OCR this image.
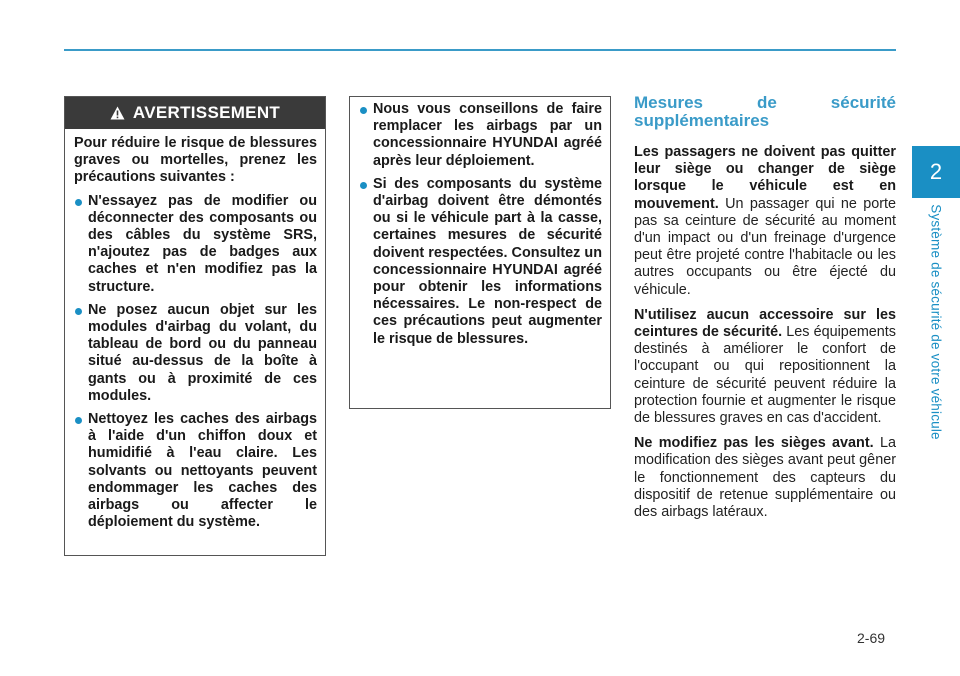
2
Système de sécurité de votre véhicule
AVERTISSEMENT

Pour réduire le risque de blessures graves ou mortelles, prenez les précautions suivantes :

N'essayez pas de modifier ou déconnecter des composants ou des câbles du système SRS, n'ajoutez pas de badges aux caches et n'en modifiez pas la structure.
Ne posez aucun objet sur les modules d'airbag du volant, du tableau de bord ou du panneau situé au-dessus de la boîte à gants ou à proximité de ces modules.
Nettoyez les caches des airbags à l'aide d'un chiffon doux et humidifié à l'eau claire. Les solvants ou nettoyants peuvent endommager les caches des airbags ou affecter le déploiement du système.
Nous vous conseillons de faire remplacer les airbags par un concessionnaire HYUNDAI agréé après leur déploiement.
Si des composants du système d'airbag doivent être démontés ou si le véhicule part à la casse, certaines mesures de sécurité doivent respectées. Consultez un concessionnaire HYUNDAI agréé pour obtenir les informations nécessaires. Le non-respect de ces précautions peut augmenter le risque de blessures.
Mesures de sécurité supplémentaires

Les passagers ne doivent pas quitter leur siège ou changer de siège lorsque le véhicule est en mouvement. Un passager qui ne porte pas sa ceinture de sécurité au moment d'un impact ou d'un freinage d'urgence peut être projeté contre l'habitacle ou les autres occupants ou être éjecté du véhicule.

N'utilisez aucun accessoire sur les ceintures de sécurité. Les équipements destinés à améliorer le confort de l'occupant ou qui repositionnent la ceinture de sécurité peuvent réduire la protection fournie et augmenter le risque de blessures graves en cas d'accident.

Ne modifiez pas les sièges avant. La modification des sièges avant peut gêner le fonctionnement des capteurs du dispositif de retenue supplémentaire ou des airbags latéraux.

2-69
